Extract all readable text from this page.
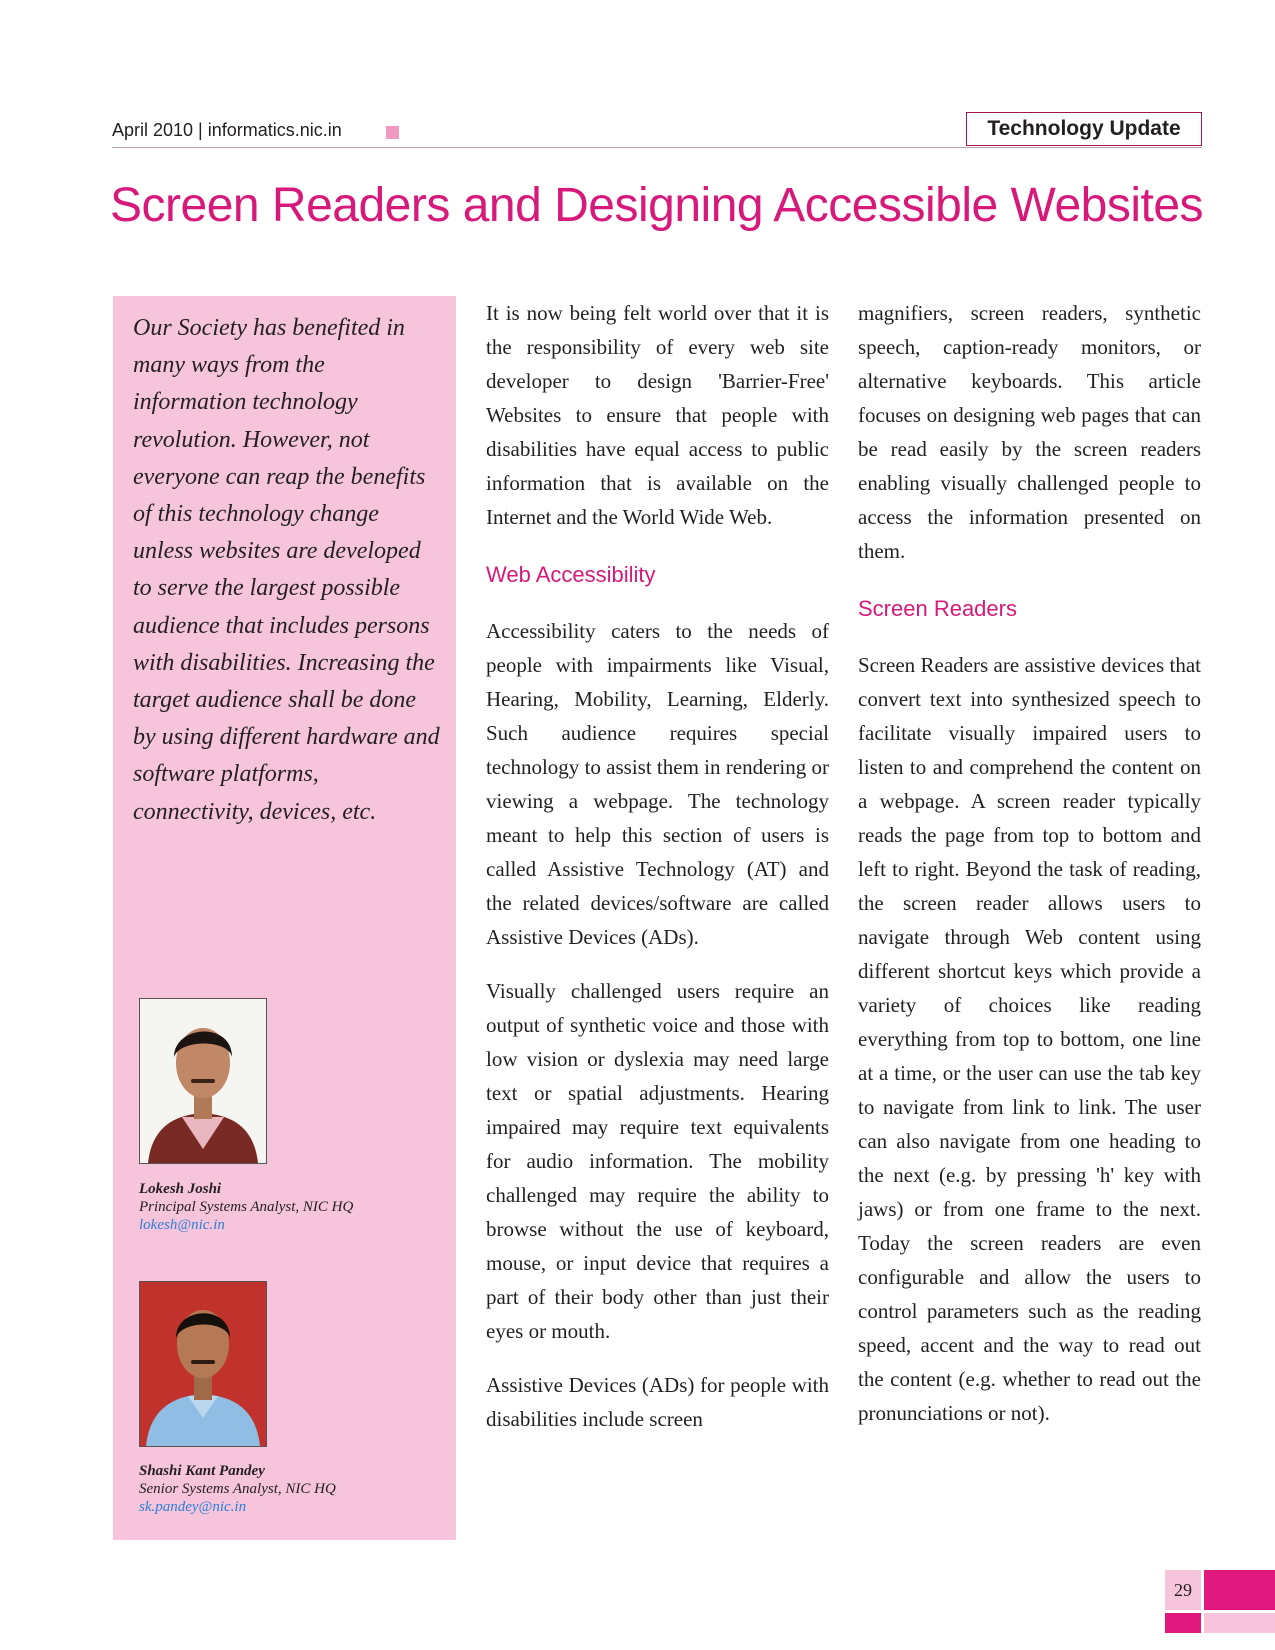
April 2010 | informatics.nic.in	Technology Update
Screen Readers and Designing Accessible Websites

Our Society has benefited in many ways from the information technology revolution. However, not everyone can reap the benefits of this technology change unless websites are developed to serve the largest possible audience that includes persons with disabilities. Increasing the target audience shall be done by using different hardware and software platforms, connectivity, devices, etc.

Lokesh Joshi
Principal Systems Analyst, NIC HQ
lokesh@nic.in
Shashi Kant Pandey
Senior Systems Analyst, NIC HQ
sk.pandey@nic.in

It is now being felt world over that it is the responsibility of every web site developer to design 'Barrier-Free' Websites to ensure that people with disabilities have equal access to public information that is available on the Internet and the World Wide Web.

Web Accessibility

Accessibility caters to the needs of people with impairments like Visual, Hearing, Mobility, Learning, Elderly. Such audience requires special technology to assist them in rendering or viewing a webpage. The technology meant to help this section of users is called Assistive Technology (AT) and the related devices/software are called Assistive Devices (ADs).

Visually challenged users require an output of synthetic voice and those with low vision or dyslexia may need large text or spatial adjustments. Hearing impaired may require text equivalents for audio information. The mobility challenged may require the ability to browse without the use of keyboard, mouse, or input device that requires a part of their body other than just their eyes or mouth.

Assistive Devices (ADs) for people with disabilities include screen

magnifiers, screen readers, synthetic speech, caption-ready monitors, or alternative keyboards. This article focuses on designing web pages that can be read easily by the screen readers enabling visually challenged people to access the information presented on them.

Screen Readers

Screen Readers are assistive devices that convert text into synthesized speech to facilitate visually impaired users to listen to and comprehend the content on a webpage. A screen reader typically reads the page from top to bottom and left to right. Beyond the task of reading, the screen reader allows users to navigate through Web content using different shortcut keys which provide a variety of choices like reading everything from top to bottom, one line at a time, or the user can use the tab key to navigate from link to link. The user can also navigate from one heading to the next (e.g. by pressing 'h' key with jaws) or from one frame to the next. Today the screen readers are even configurable and allow the users to control parameters such as the reading speed, accent and the way to read out the content (e.g. whether to read out the pronunciations or not).

29
